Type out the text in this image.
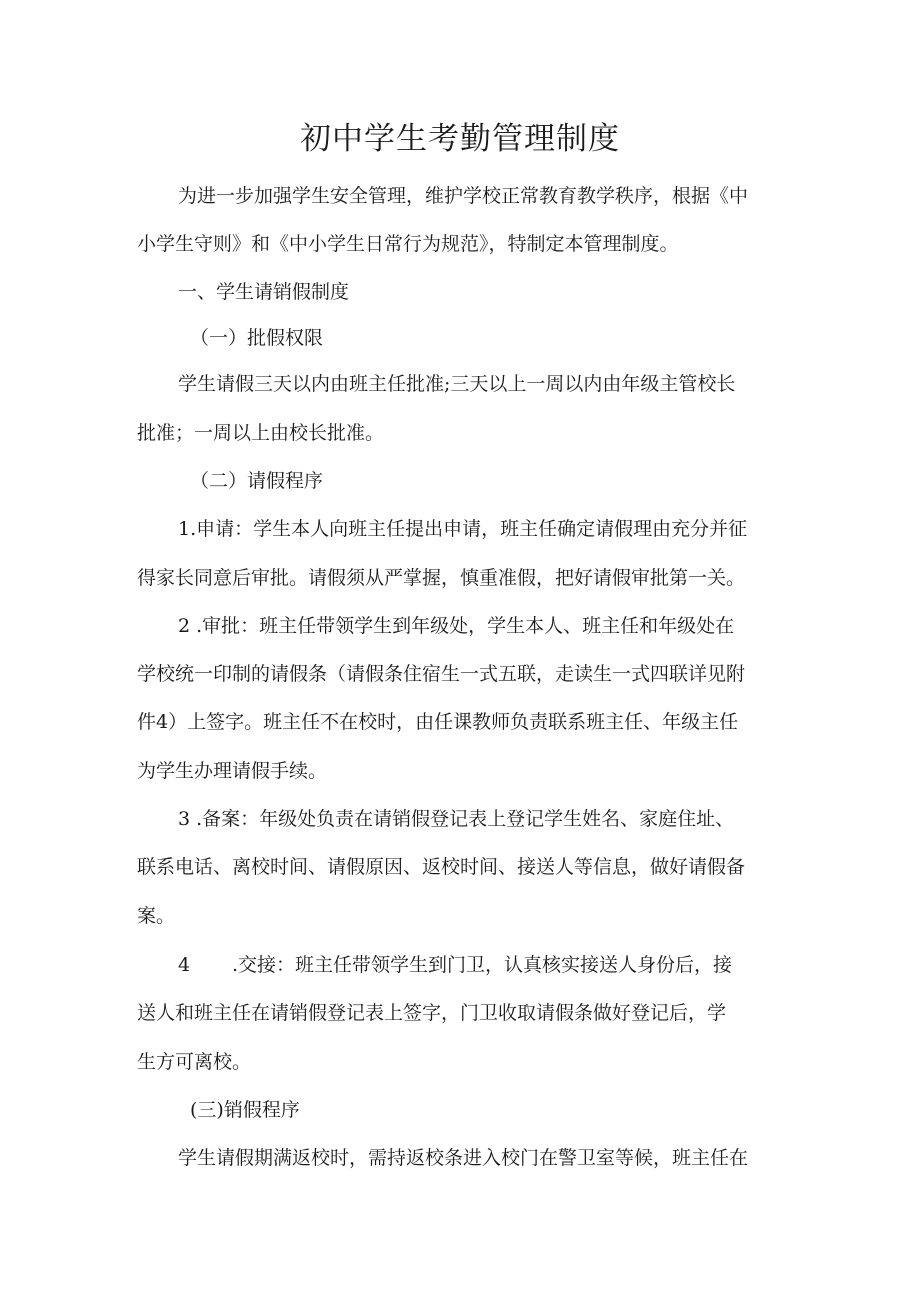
初中学生考勤管理制度

为进一步加强学生安全管理，维护学校正常教育教学秩序，根据《中

小学生守则》和《中小学生日常行为规范》，特制定本管理制度。

一、学生请销假制度

（一）批假权限

学生请假三天以内由班主任批准;三天以上一周以内由年级主管校长

批准；一周以上由校长批准。

（二）请假程序

1.申请：学生本人向班主任提出申请，班主任确定请假理由充分并征

得家长同意后审批。请假须从严掌握，慎重准假，把好请假审批第一关。

2 .审批：班主任带领学生到年级处，学生本人、班主任和年级处在

学校统一印制的请假条（请假条住宿生一式五联，走读生一式四联详见附

件4）上签字。班主任不在校时，由任课教师负责联系班主任、年级主任

为学生办理请假手续。

3 .备案：年级处负责在请销假登记表上登记学生姓名、家庭住址、

联系电话、离校时间、请假原因、返校时间、接送人等信息，做好请假备

案。

4 .交接：班主任带领学生到门卫，认真核实接送人身份后，接

送人和班主任在请销假登记表上签字，门卫收取请假条做好登记后，学

生方可离校。

(三)销假程序

学生请假期满返校时，需持返校条进入校门在警卫室等候，班主任在
